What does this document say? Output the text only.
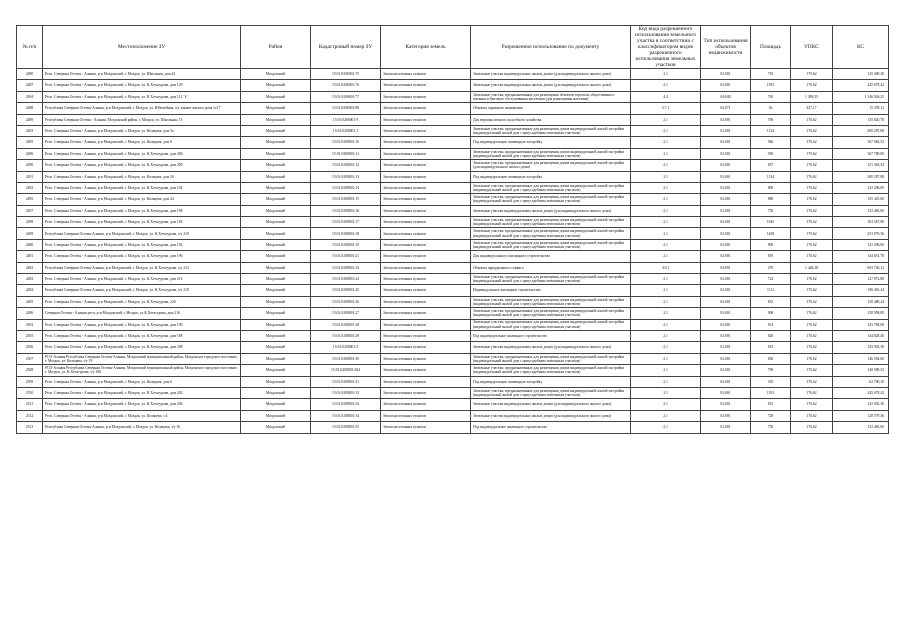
№ п/п	Местоположение ЗУ	Район	Кадастровый номер ЗУ	Категория земель	Разрешенное использование по документу	Код вида разрешенного использования земельного участка в соответствии с классификатором видов разрешенного использования земельных участков	Тип использования объектов недвижимости	Площадь	УПКС	КС
2480	Респ. Северная Осетия - Алания, р-н Моздокский, г. Моздок, ул. Школьная, дом 24	Моздокский	15:01:0206001:75	Земли населенных пунктов	Земельные участки индивидуальных жилых домов (для индивидуального жилого дома)	2.1	02:001	710	176,62	125 400,20
2487	Респ. Северная Осетия - Алания, р-н Моздокский, г. Моздок, ул. К.Хетагурова, дом 129	Моздокский	15:01:0206001:76	Земли населенных пунктов	Земельные участки индивидуальных жилых домов (для индивидуального жилого дома)	2.1	02:001	1391	176,62	245 678,42
2494	Респ. Северная Осетия - Алания, р-н Моздокский, г. Моздок, ул. К.Хетагурова, дом 112 "а"	Моздокский	15:01:0206001:77	Земли населенных пунктов	Земельные участки, предназначенные для размещения объектов торговли, общественного питания и бытового обслуживания населения (для размещения магазина)	4.4	04:040	765	1 499,25	1 146 926,25
2488	Республика Северная Осетия-Алания, р-н Моздокский, г. Моздок, ул. Юбилейная, з/у, южнее жилого дома №17	Моздокский	15:01:0206001:80	Земли населенных пунктов	Объекты гаражного назначения	2.7.1	02:071	36	427,17	15 378,12
2489	Республика Северная Осетия - Алания, Моздокский район, г. Моздок, ул. Школьная, 13	Моздокский	15:01:0206001:9	Земли населенных пунктов	Для ведения личного подсобного хозяйства	2.1	02:001	769	176,62	135 820,78
2493	Респ. Северная Осетия - Алания, р-н Моздокский, г. Моздок, ул. Кольцева, дом 5а	Моздокский	15:01:0208001:1	Земли населенных пунктов	Земельные участки, предназначенные для размещения домов индивидуальной жилой застройки (индивидуальный жилой дом с приусадебным земельным участком)	2.1	02:001	1134	176,62	200 287,08
2495	Респ. Северная Осетия - Алания, р-н Моздокский, г. Моздок, ул. Кольцева, дом 8	Моздокский	15:01:0208001:10	Земли населенных пунктов	Под индивидуальную жилищную застройку	2.1	02:001	946	176,62	167 082,52
2496	Респ. Северная Осетия - Алания, р-н Моздокский, г. Моздок, ул. К.Хетагурова, дом 206	Моздокский	15:01:0208001:11	Земли населенных пунктов	Земельные участки, предназначенные для размещения домов индивидуальной жилой застройки (индивидуальный жилой дом с приусадебным земельным участком)	2.1	02:001	950	176,62	167 789,00
2490	Респ. Северная Осетия - Алания, р-н Моздокский, г. Моздок, ул. К.Хетагурова, дом 200	Моздокский	15:01:0208001:12	Земли населенных пунктов	Земельные участки, предназначенные для размещения домов индивидуальной жилой застройки (для индивидуального жилого дома)	2.1	02:001	857	176,62	151 363,34
2491	Респ. Северная Осетия - Алания, р-н Моздокский, г. Моздок, ул. Кольцева, дом 20	Моздокский	15:01:0208001:13	Земли населенных пунктов	Под индивидуальную жилищную застройку	2.1	02:001	1134	176,62	200 287,08
2492	Респ. Северная Осетия - Алания, р-н Моздокский, г. Моздок, ул. К.Хетагурова, дом 194	Моздокский	15:01:0208001:14	Земли населенных пунктов	Земельные участки, предназначенные для размещения домов индивидуальной жилой застройки (индивидуальный жилой дом с приусадебным земельным участком)	2.1	02:001	800	176,62	141 296,00
2495	Респ. Северная Осетия - Алания, р-н Моздокский, г. Моздок, ул. Кольцева, дом 24	Моздокский	15:01:0208001:15	Земли населенных пунктов	Земельные участки, предназначенные для размещения домов индивидуальной жилой застройки (индивидуальный жилой дом с приусадебным земельным участком)	2.1	02:001	880	176,62	155 425,60
2497	Респ. Северная Осетия - Алания, р-н Моздокский, г. Моздок, ул. К.Хетагурова, дом 198	Моздокский	15:01:0208001:16	Земли населенных пунктов	Земельные участки индивидуальных жилых домов (для индивидуального жилого дома)	2.1	02:001	750	176,62	132 465,00
2498	Респ. Северная Осетия - Алания, р-н Моздокский, г. Моздок, ул. К.Хетагурова, дом 184	Моздокский	15:01:0208001:17	Земли населенных пунктов	Земельные участки, предназначенные для размещения домов индивидуальной жилой застройки (индивидуальный жилой дом с приусадебным земельным участком)	2.1	02:001	1045	176,62	184 567,90
2499	Республика Северная Осетия-Алания, р-н Моздокский, г. Моздок, ул. К.Хетагурова, з/у 210	Моздокский	15:01:0208001:18	Земли населенных пунктов	Земельные участки, предназначенные для размещения домов индивидуальной жилой застройки (индивидуальный жилой дом с приусадебным земельным участком)	2.1	02:001	1438	176,62	253 979,56
2480	Респ. Северная Осетия - Алания, р-н Моздокский, г. Моздок, ул. К.Хетагурова, дом 192	Моздокский	15:01:0208001:19	Земли населенных пунктов	Земельные участки, предназначенные для размещения домов индивидуальной жилой застройки (индивидуальный жилой дом с приусадебным земельным участком)	2.1	02:001	800	176,62	141 296,00
2481	Респ. Северная Осетия - Алания, р-н Моздокский, г. Моздок, ул. К.Хетагурова, дом 196	Моздокский	15:01:0208001:21	Земли населенных пунктов	Для индивидуального жилищного строительства	2.1	02:001	819	176,62	144 651,78
2482	Республика Северная Осетия-Алания, р-н Моздокский, г. Моздок, ул. К.Хетагурова, з/у 212	Моздокский	15:01:0208001:23	Земли населенных пунктов	Объекты придорожного сервиса	4.9.1	04:091	479	1 448,28	693 726,12
2483	Респ. Северная Осетия - Алания, р-н Моздокский, г. Моздок, ул. К.Хетагурова, дом 214	Моздокский	15:01:0208001:24	Земли населенных пунктов	Земельные участки, предназначенные для размещения домов индивидуальной жилой застройки (индивидуальный жилой дом с приусадебным земельным участком)	2.1	02:001	724	176,62	127 872,88
2484	Республика Северная Осетия-Алания, р-н Моздокский, г. Моздок, ул. К.Хетагурова, з/у 218	Моздокский	15:01:0208001:25	Земли населенных пунктов	Индивидуальное жилищное строительство	2.1	02:001	1112	176,62	196 401,44
2485	Респ. Северная Осетия - Алания, р-н Моздокский, г. Моздок, ул. К.Хетагурова, 220	Моздокский	15:01:0208001:26	Земли населенных пунктов	Земельные участки, предназначенные для размещения домов индивидуальной жилой застройки (индивидуальный жилой дом с приусадебным земельным участком)	2.1	02:001	852	176,62	150 480,24
2486	Северная Осетия - Алания респ, р-н Моздокский, г Моздок, ул К.Хетагурова, дом 216	Моздокский	15:01:0208001:27	Земли населенных пунктов	Земельные участки, предназначенные для размещения домов индивидуальной жилой застройки (индивидуальный жилой дом с приусадебным земельным участком)	2.1	02:001	900	176,62	158 958,00
2504	Респ. Северная Осетия - Алания, р-н Моздокский, г. Моздок, ул. К.Хетагурова, дом 190	Моздокский	15:01:0208001:28	Земли населенных пунктов	Земельные участки, предназначенные для размещения домов индивидуальной жилой застройки (индивидуальный жилой дом с приусадебным земельным участком)	2.1	02:001	814	176,62	143 768,68
2505	Респ. Северная Осетия - Алания, р-н Моздокский, г. Моздок, ул. К.Хетагурова, дом 188	Моздокский	15:01:0208001:29	Земли населенных пунктов	Под индивидуальное жилищное строительство	2.1	02:001	820	176,62	144 828,40
2506	Респ. Северная Осетия - Алания, р-н Моздокский, г. Моздок, ул. К.Хетагурова, дом 208	Моздокский	15:01:0208001:3	Земли населенных пунктов	Земельные участки индивидуальных жилых домов (для индивидуального жилого дома)	2.1	02:001	815	176,62	143 945,30
2507	РСО-Алания Республика Северная Осетия-Алания, Моздокский муниципальный район, Моздокское городское поселение, г. Моздок, ул. Кольцева, з/у 19	Моздокский	15:01:0208001:30	Земли населенных пунктов	Земельные участки, предназначенные для размещения домов индивидуальной жилой застройки (индивидуальный жилой дом с приусадебным земельным участком)	2.1	02:001	830	176,62	146 594,60
2508	РСО-Алания Республика Северная Осетия-Алания, Моздокский муниципальный район, Моздокское городское поселение, г. Моздок, ул. К.Хетагурова, з/у 186	Моздокский	15:01:0208001:304	Земли населенных пунктов	Земельные участки, предназначенные для размещения домов индивидуальной жилой застройки (индивидуальный жилой дом с приусадебным земельным участком)	2.1	02:001	796	176,62	140 589,52
2509	Респ. Северная Осетия - Алания, р-н Моздокский, г. Моздок, ул. Кольцева, дом 6	Моздокский	15:01:0208001:31	Земли населенных пунктов	Под индивидуальную жилищную застройку	2.1	02:001	355	176,62	62 700,10
2510	Респ. Северная Осетия - Алания, р-н Моздокский, г. Моздок, ул. К.Хетагурова, дом 202	Моздокский	15:01:0208001:32	Земли населенных пунктов	Земельные участки, предназначенные для размещения домов индивидуальной жилой застройки (индивидуальный жилой дом с приусадебным земельным участком)	2.1	02:001	1391	176,62	245 678,42
2511	Респ. Северная Осетия - Алания, р-н Моздокский, г. Моздок, ул. К.Хетагурова, дом 204	Моздокский	15:01:0208001:33	Земли населенных пунктов	Земельные участки индивидуальных жилых домов (для индивидуального жилого дома)	2.1	02:001	815	176,62	143 945,30
2512	Респ. Северная Осетия - Алания, р-н Моздокский, г. Моздок, ул. Кольцева, з 4	Моздокский	15:01:0208001:34	Земли населенных пунктов	Земельные участки индивидуальных жилых домов (для индивидуального жилого дома)	2.1	02:001	728	176,62	128 579,36
2513	Республика Северная Осетия-Алания, р-н Моздокский, г. Моздок, ул. Кольцева, з/у 16	Моздокский	15:01:0208001:35	Земли населенных пунктов	Под индивидуальное жилищное строительство	2.1	02:001	750	176,62	132 465,00
